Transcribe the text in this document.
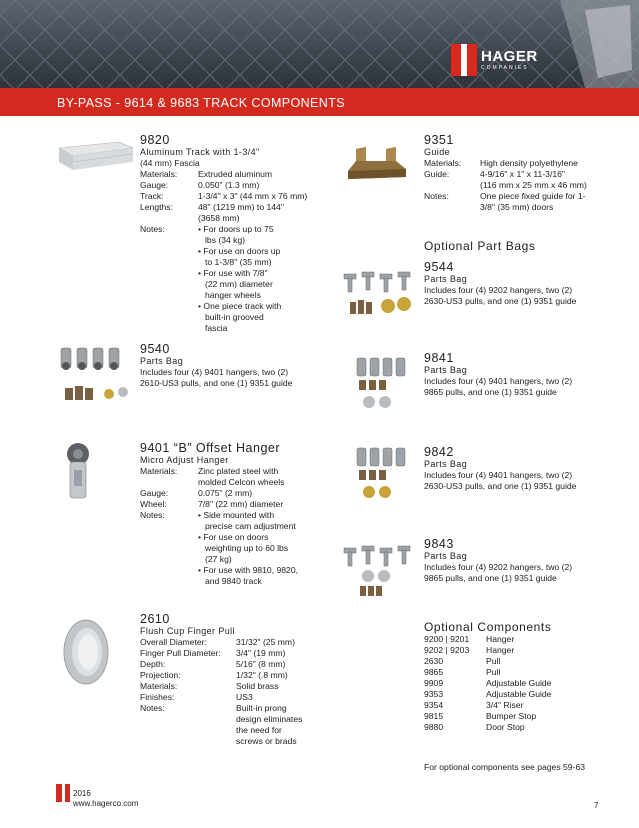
HAGER
COMPANIES
BY-PASS - 9614 & 9683 TRACK COMPONENTS
9820
Aluminum Track with 1-3/4"
(44 mm) Fascia
Materials:	Extruded aluminum
Gauge:	0.050" (1.3 mm)
Track:	1-3/4" x 3" (44 mm x 76 mm)
Lengths:	48" (1219 mm) to 144"
(3658 mm)
Notes:	• For doors up to 75 lbs (34 kg)
• For use on doors up to 1-3/8" (35 mm)
• For use with 7/8" (22 mm) diameter hanger wheels
• One piece track with built-in grooved fascia
9540
Parts Bag
Includes four (4) 9401 hangers, two (2)
2610-US3 pulls, and one (1) 9351 guide
9401 “B” Offset Hanger
Micro Adjust Hanger
Materials:	Zinc plated steel with molded Celcon wheels
Gauge:	0.075" (2 mm)
Wheel:	7/8" (22 mm) diameter
Notes:	• Side mounted with precise cam adjustment
• For use on doors weighting up to 60 lbs (27 kg)
• For use with 9810, 9820, and 9840 track
2610
Flush Cup Finger Pull
Overall Diameter:	31/32" (25 mm)
Finger Pull Diameter:	3/4" (19 mm)
Depth:	5/16" (8 mm)
Projection:	1/32" (.8 mm)
Materials:	Solid brass
Finishes:	US3
Notes:	Built-in prong design eliminates the need for screws or brads
9351
Guide
Materials:	High density polyethylene
Guide:	4-9/16" x 1" x 11-3/16"
(116 mm x 25 mm x 46 mm)
Notes:	One piece fixed guide for 1-3/8" (35 mm) doors
Optional Part Bags
9544
Parts Bag
Includes four (4) 9202 hangers, two (2)
2630-US3 pulls, and one (1) 9351 guide
9841
Parts Bag
Includes four (4) 9401 hangers, two (2)
9865 pulls, and one (1) 9351 guide
9842
Parts Bag
Includes four (4) 9401 hangers, two (2)
2630-US3 pulls, and one (1) 9351 guide
9843
Parts Bag
Includes four (4) 9202 hangers, two (2)
9865 pulls, and one (1) 9351 guide
Optional Components
9200 | 9201	Hanger
9202 | 9203	Hanger
2630	Pull
9865	Pull
9909	Adjustable Guide
9353	Adjustable Guide
9354	3/4" Riser
9815	Bumper Stop
9880	Door Stop
For optional components see pages 59-63
2016
www.hagerco.com	7
